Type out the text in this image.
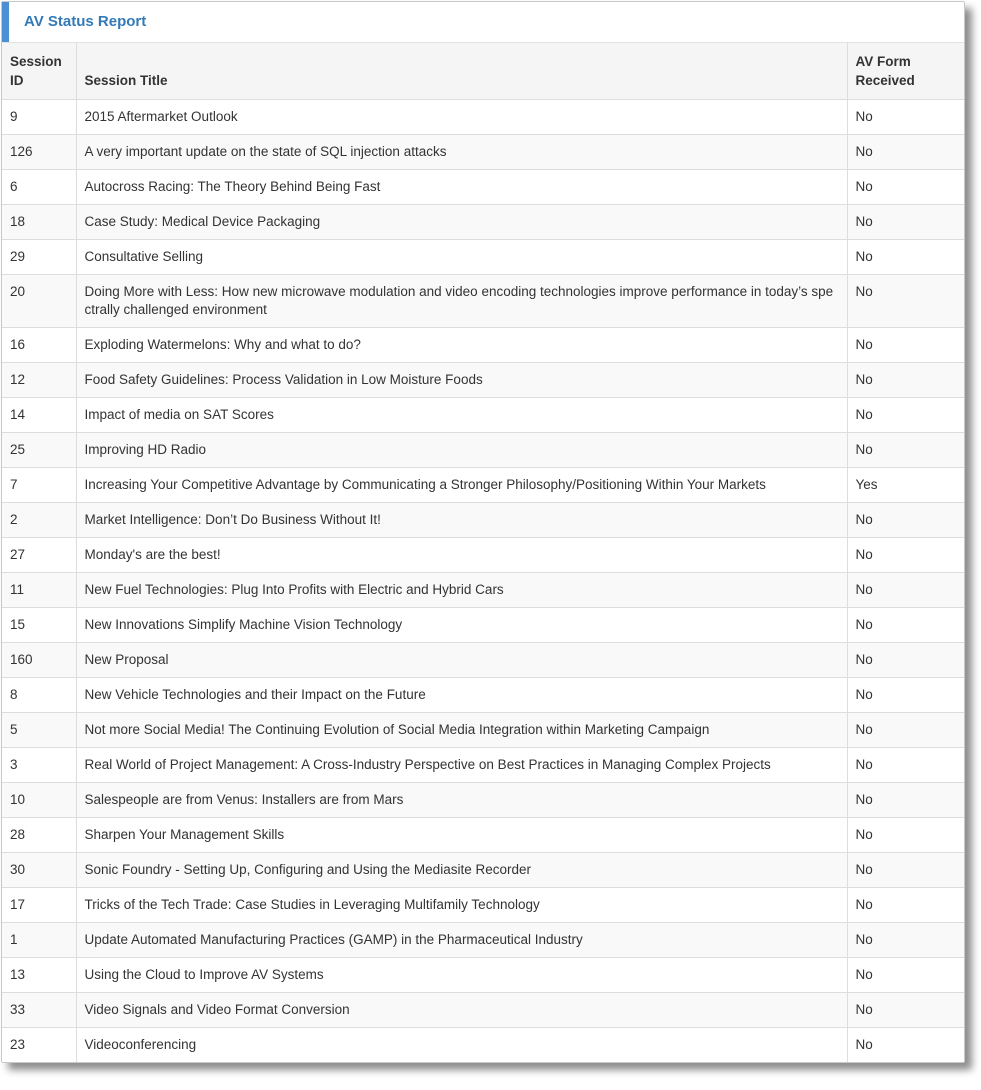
AV Status Report
Session ID	Session Title	AV Form Received
9	2015 Aftermarket Outlook	No
126	A very important update on the state of SQL injection attacks	No
6	Autocross Racing: The Theory Behind Being Fast	No
18	Case Study: Medical Device Packaging	No
29	Consultative Selling	No
20	Doing More with Less: How new microwave modulation and video encoding technologies improve performance in today’s spectrally challenged environment	No
16	Exploding Watermelons: Why and what to do?	No
12	Food Safety Guidelines: Process Validation in Low Moisture Foods	No
14	Impact of media on SAT Scores	No
25	Improving HD Radio	No
7	Increasing Your Competitive Advantage by Communicating a Stronger Philosophy/Positioning Within Your Markets	Yes
2	Market Intelligence: Don’t Do Business Without It!	No
27	Monday's are the best!	No
11	New Fuel Technologies: Plug Into Profits with Electric and Hybrid Cars	No
15	New Innovations Simplify Machine Vision Technology	No
160	New Proposal	No
8	New Vehicle Technologies and their Impact on the Future	No
5	Not more Social Media! The Continuing Evolution of Social Media Integration within Marketing Campaign	No
3	Real World of Project Management: A Cross-Industry Perspective on Best Practices in Managing Complex Projects	No
10	Salespeople are from Venus: Installers are from Mars	No
28	Sharpen Your Management Skills	No
30	Sonic Foundry - Setting Up, Configuring and Using the Mediasite Recorder	No
17	Tricks of the Tech Trade: Case Studies in Leveraging Multifamily Technology	No
1	Update Automated Manufacturing Practices (GAMP) in the Pharmaceutical Industry	No
13	Using the Cloud to Improve AV Systems	No
33	Video Signals and Video Format Conversion	No
23	Videoconferencing	No
